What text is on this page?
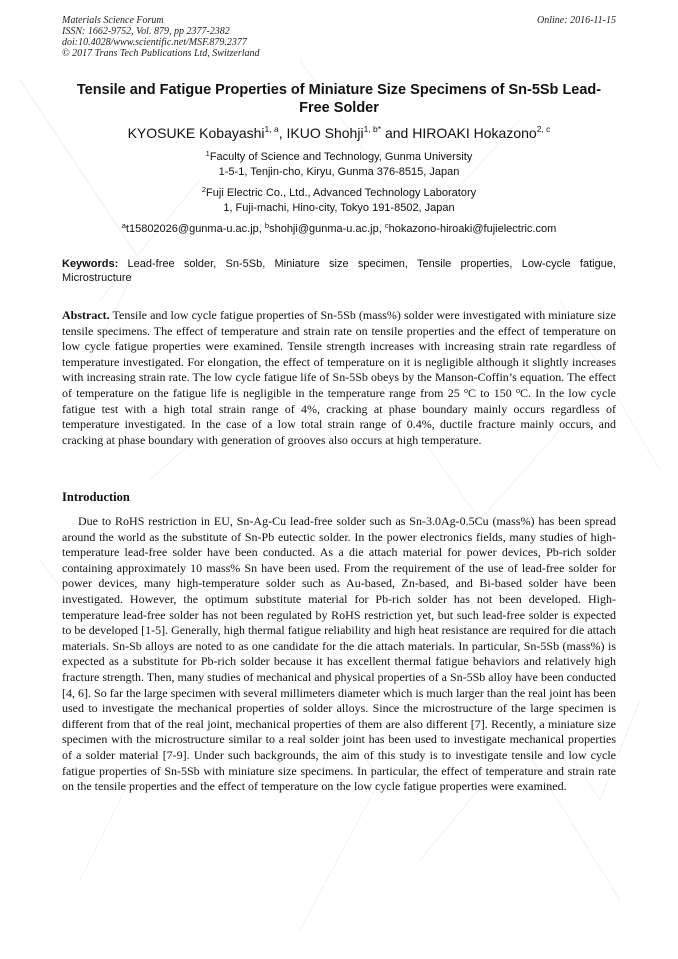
Materials Science Forum
ISSN: 1662-9752, Vol. 879, pp 2377-2382
doi:10.4028/www.scientific.net/MSF.879.2377
© 2017 Trans Tech Publications Ltd, Switzerland
Online: 2016-11-15
Tensile and Fatigue Properties of Miniature Size Specimens of Sn-5Sb Lead-Free Solder
KYOSUKE Kobayashi$^{1, a}$, IKUO Shohji$^{1, b*}$ and HIROAKI Hokazono$^{2, c}$
$^1$Faculty of Science and Technology, Gunma University
1-5-1, Tenjin-cho, Kiryu, Gunma 376-8515, Japan
$^2$Fuji Electric Co., Ltd., Advanced Technology Laboratory
1, Fuji-machi, Hino-city, Tokyo 191-8502, Japan
$^a$t15802026@gunma-u.ac.jp, $^b$shohji@gunma-u.ac.jp, $^c$hokazono-hiroaki@fujielectric.com
Keywords: Lead-free solder, Sn-5Sb, Miniature size specimen, Tensile properties, Low-cycle fatigue, Microstructure
Abstract. Tensile and low cycle fatigue properties of Sn-5Sb (mass%) solder were investigated with miniature size tensile specimens. The effect of temperature and strain rate on tensile properties and the effect of temperature on low cycle fatigue properties were examined. Tensile strength increases with increasing strain rate regardless of temperature investigated. For elongation, the effect of temperature on it is negligible although it slightly increases with increasing strain rate. The low cycle fatigue life of Sn-5Sb obeys by the Manson-Coffin’s equation. The effect of temperature on the fatigue life is negligible in the temperature range from 25 $^o$C to 150 $^o$C. In the low cycle fatigue test with a high total strain range of 4%, cracking at phase boundary mainly occurs regardless of temperature investigated. In the case of a low total strain range of 0.4%, ductile fracture mainly occurs, and cracking at phase boundary with generation of grooves also occurs at high temperature.
Introduction
Due to RoHS restriction in EU, Sn-Ag-Cu lead-free solder such as Sn-3.0Ag-0.5Cu (mass%) has been spread around the world as the substitute of Sn-Pb eutectic solder. In the power electronics fields, many studies of high-temperature lead-free solder have been conducted. As a die attach material for power devices, Pb-rich solder containing approximately 10 mass% Sn have been used. From the requirement of the use of lead-free solder for power devices, many high-temperature solder such as Au-based, Zn-based, and Bi-based solder have been investigated. However, the optimum substitute material for Pb-rich solder has not been developed. High-temperature lead-free solder has not been regulated by RoHS restriction yet, but such lead-free solder is expected to be developed [1-5]. Generally, high thermal fatigue reliability and high heat resistance are required for die attach materials. Sn-Sb alloys are noted to as one candidate for the die attach materials. In particular, Sn-5Sb (mass%) is expected as a substitute for Pb-rich solder because it has excellent thermal fatigue behaviors and relatively high fracture strength. Then, many studies of mechanical and physical properties of a Sn-5Sb alloy have been conducted [4, 6]. So far the large specimen with several millimeters diameter which is much larger than the real joint has been used to investigate the mechanical properties of solder alloys. Since the microstructure of the large specimen is different from that of the real joint, mechanical properties of them are also different [7]. Recently, a miniature size specimen with the microstructure similar to a real solder joint has been used to investigate mechanical properties of a solder material [7-9]. Under such backgrounds, the aim of this study is to investigate tensile and low cycle fatigue properties of Sn-5Sb with miniature size specimens. In particular, the effect of temperature and strain rate on the tensile properties and the effect of temperature on the low cycle fatigue properties were examined.
